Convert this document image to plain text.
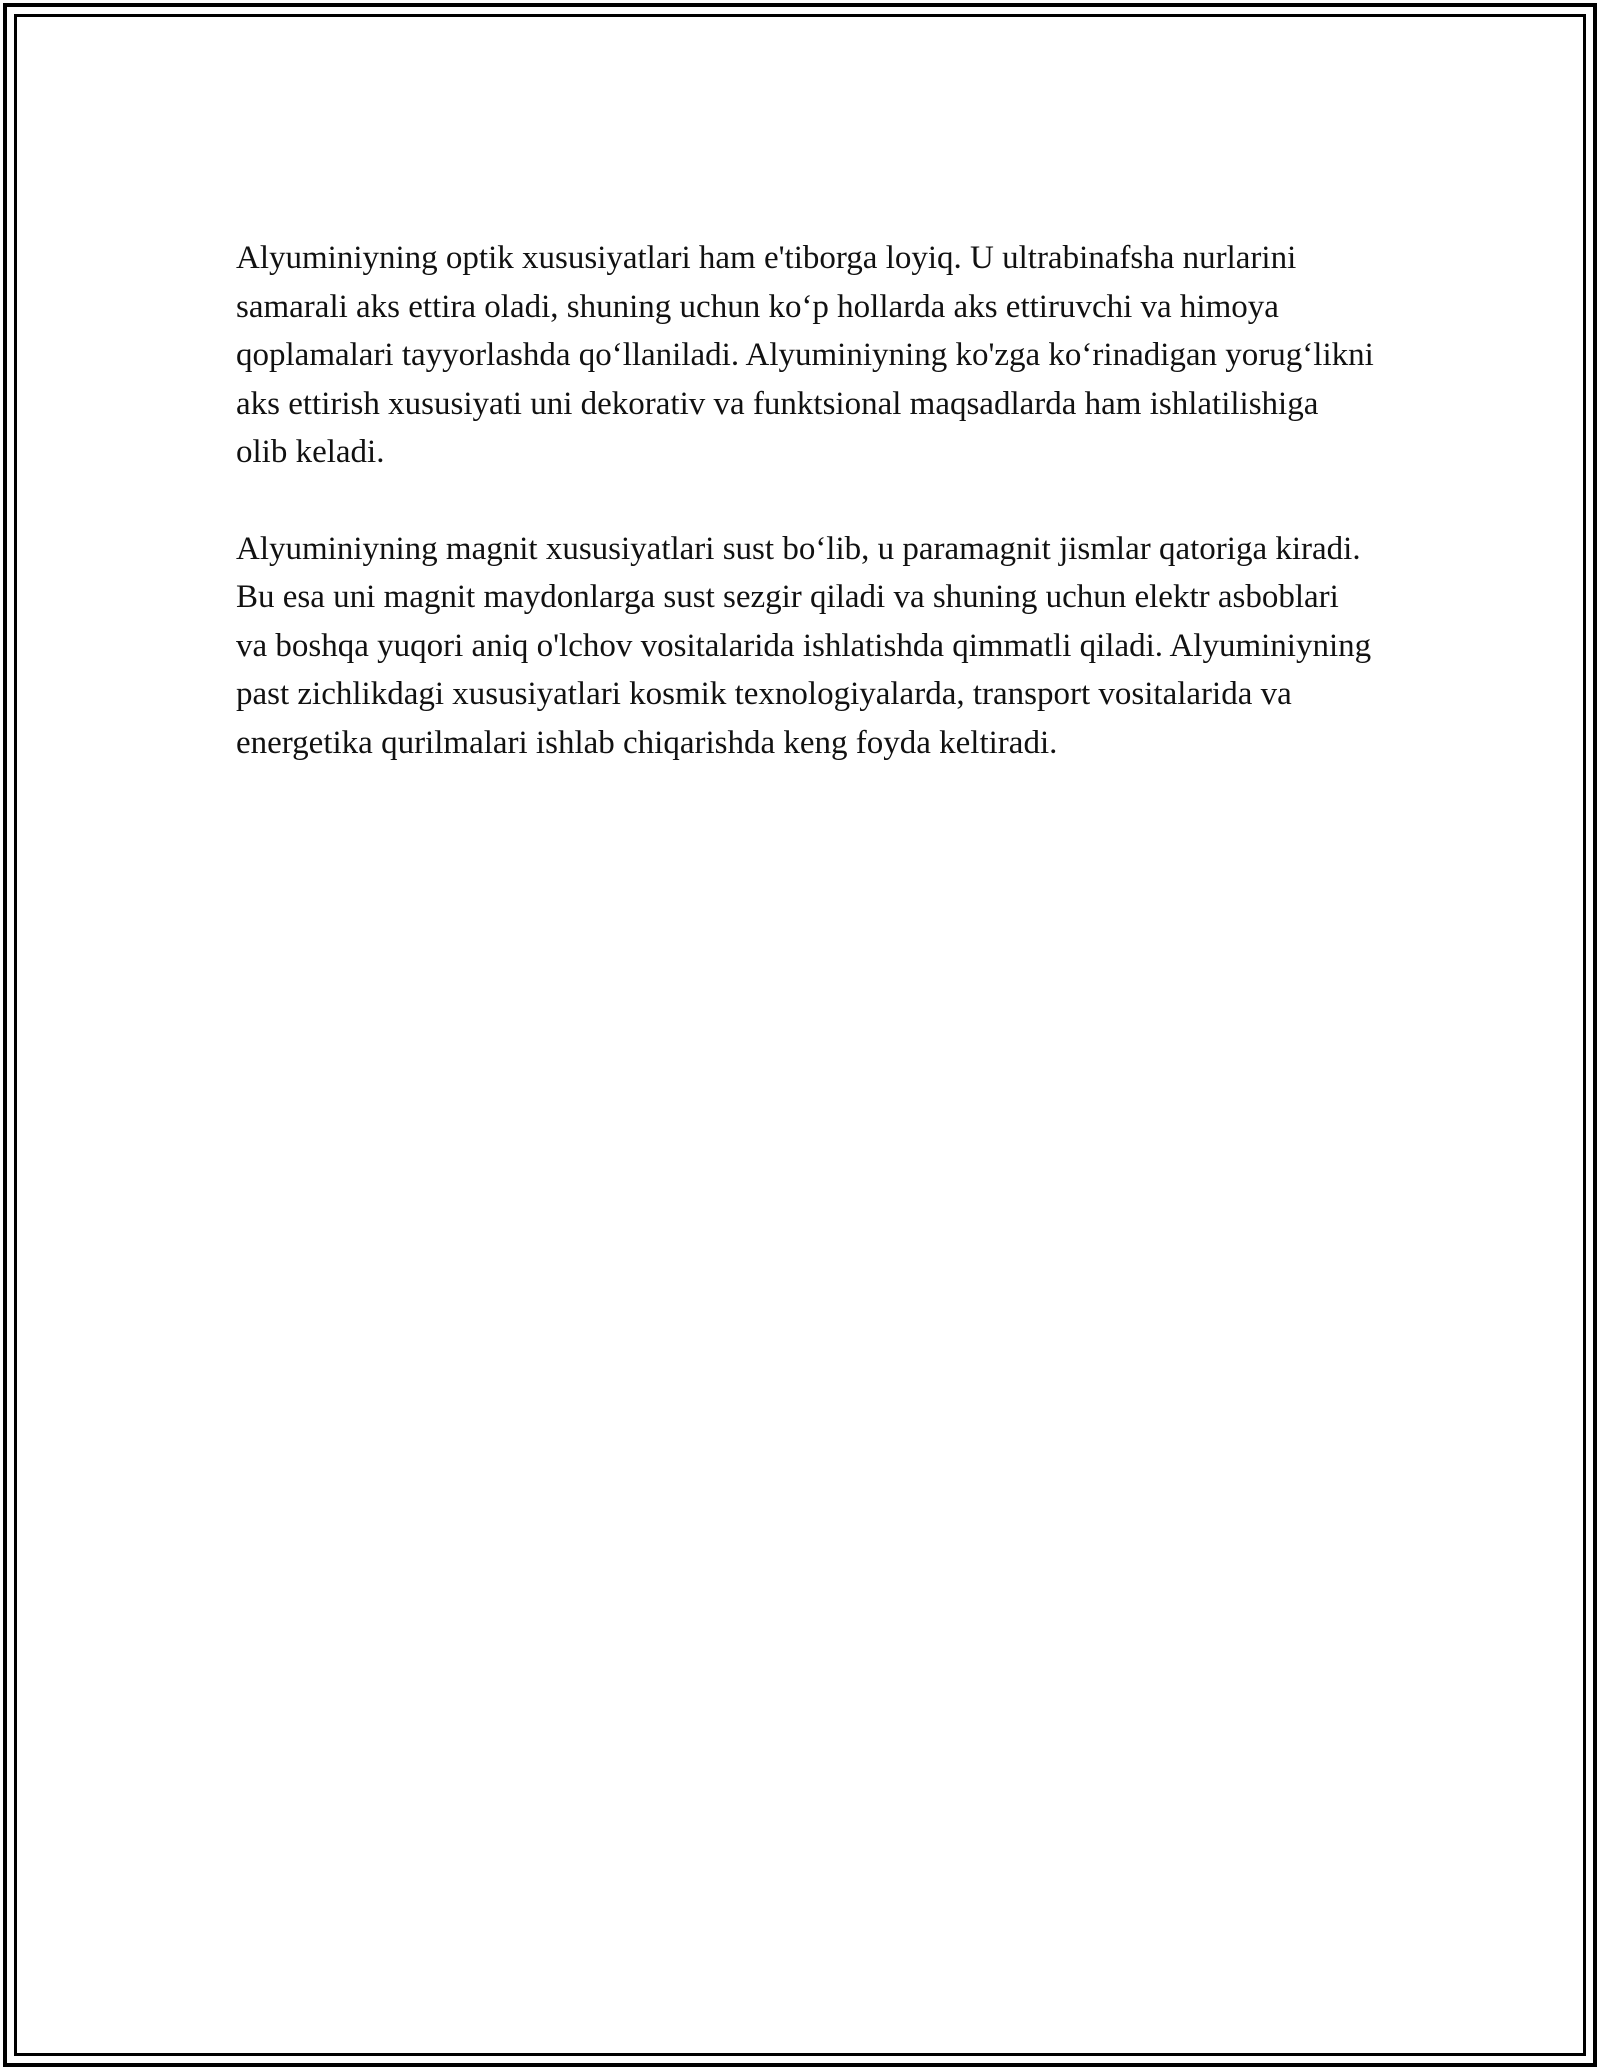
Alyuminiyning optik xususiyatlari ham e'tiborga loyiq. U ultrabinafsha nurlarini samarali aks ettira oladi, shuning uchun ko‘p hollarda aks ettiruvchi va himoya qoplamalari tayyorlashda qo‘llaniladi. Alyuminiyning ko'zga ko‘rinadigan yorug‘likni aks ettirish xususiyati uni dekorativ va funktsional maqsadlarda ham ishlatilishiga olib keladi.

Alyuminiyning magnit xususiyatlari sust bo‘lib, u paramagnit jismlar qatoriga kiradi. Bu esa uni magnit maydonlarga sust sezgir qiladi va shuning uchun elektr asboblari va boshqa yuqori aniq o'lchov vositalarida ishlatishda qimmatli qiladi. Alyuminiyning past zichlikdagi xususiyatlari kosmik texnologiyalarda, transport vositalarida va energetika qurilmalari ishlab chiqarishda keng foyda keltiradi.
